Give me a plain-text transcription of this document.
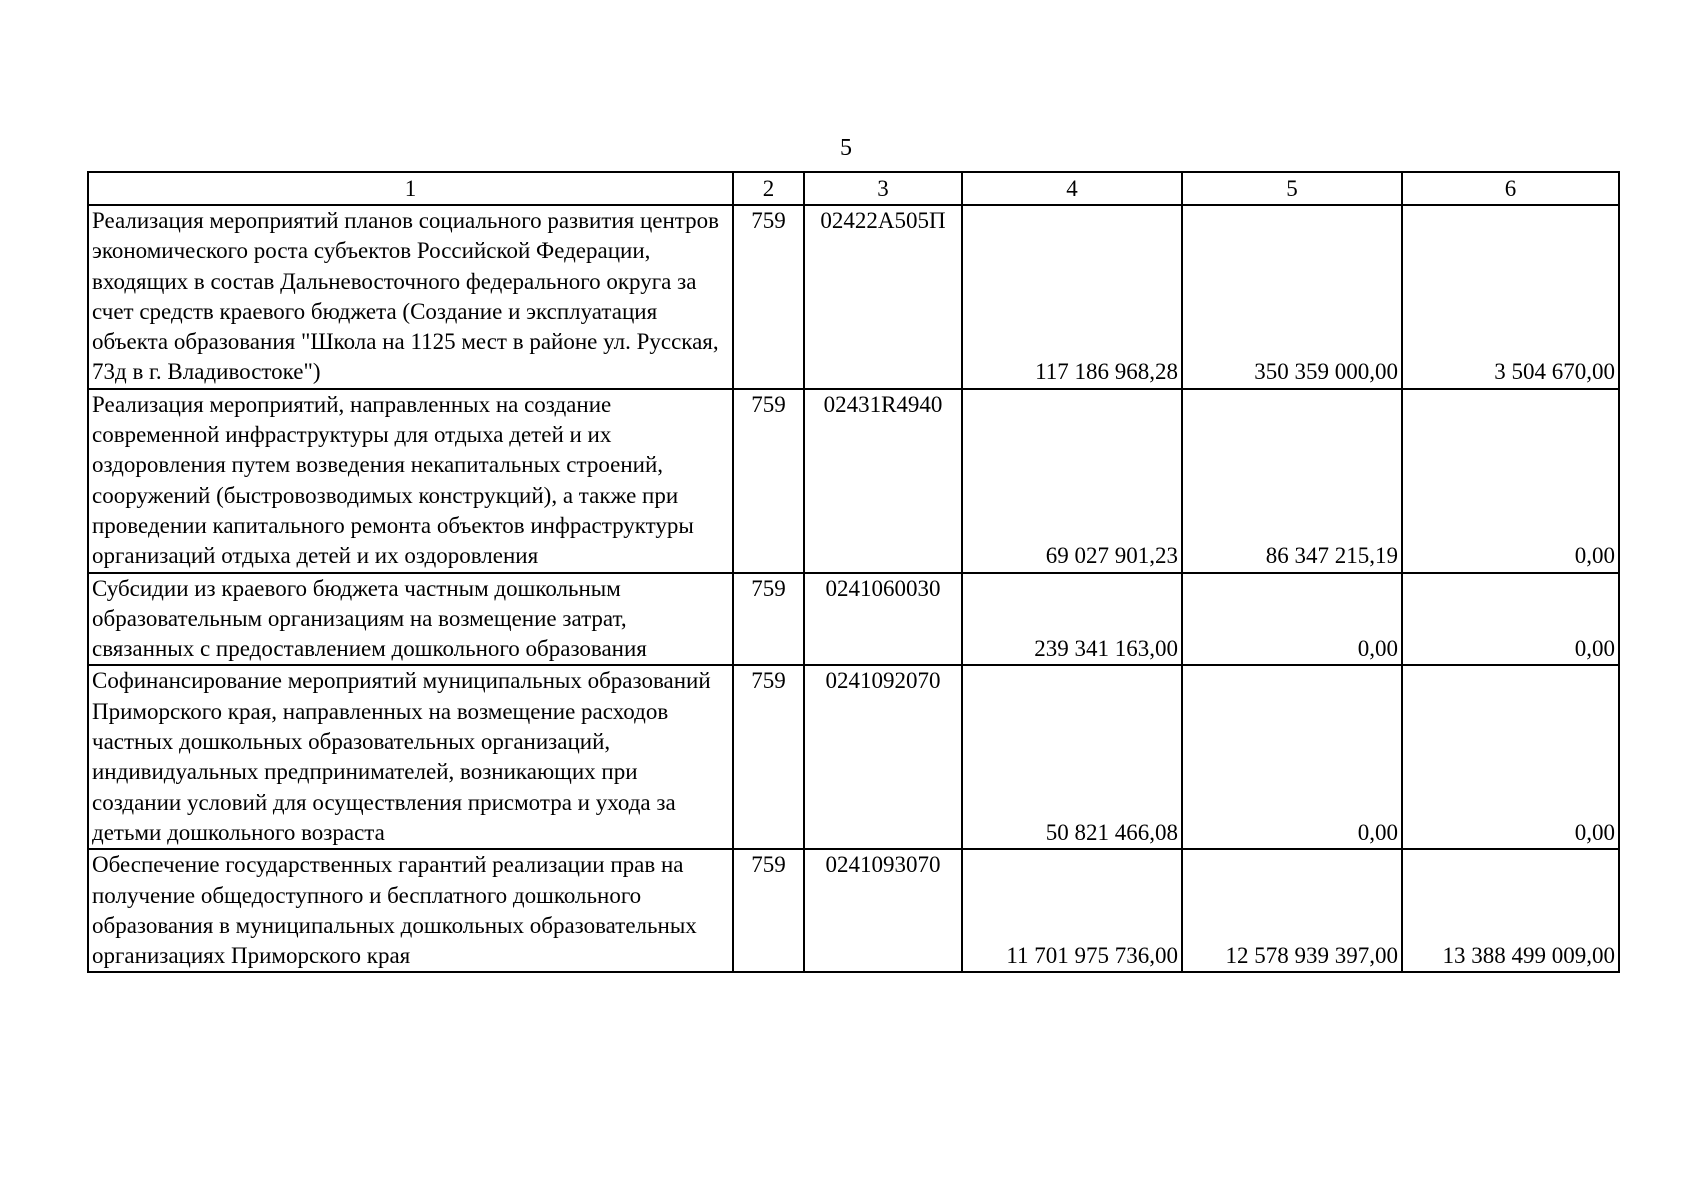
5
1	2	3	4	5	6
Реализация мероприятий планов социального развития центров экономического роста субъектов Российской Федерации, входящих в состав Дальневосточного федерального округа за счет средств краевого бюджета (Создание и эксплуатация объекта образования "Школа на 1125 мест в районе ул. Русская, 73д в г. Владивостоке")	759	02422А505П	117 186 968,28	350 359 000,00	3 504 670,00
Реализация мероприятий, направленных на создание современной инфраструктуры для отдыха детей и их оздоровления путем возведения некапитальных строений, сооружений (быстровозводимых конструкций), а также при проведении капитального ремонта объектов инфраструктуры организаций отдыха детей и их оздоровления	759	02431R4940	69 027 901,23	86 347 215,19	0,00
Субсидии из краевого бюджета частным дошкольным образовательным организациям на возмещение затрат, связанных с предоставлением дошкольного образования	759	0241060030	239 341 163,00	0,00	0,00
Софинансирование мероприятий муниципальных образований Приморского края, направленных на возмещение расходов частных дошкольных образовательных организаций, индивидуальных предпринимателей, возникающих при создании условий для осуществления присмотра и ухода за детьми дошкольного возраста	759	0241092070	50 821 466,08	0,00	0,00
Обеспечение государственных гарантий реализации прав на получение общедоступного и бесплатного дошкольного образования в муниципальных дошкольных образовательных организациях Приморского края	759	0241093070	11 701 975 736,00	12 578 939 397,00	13 388 499 009,00
